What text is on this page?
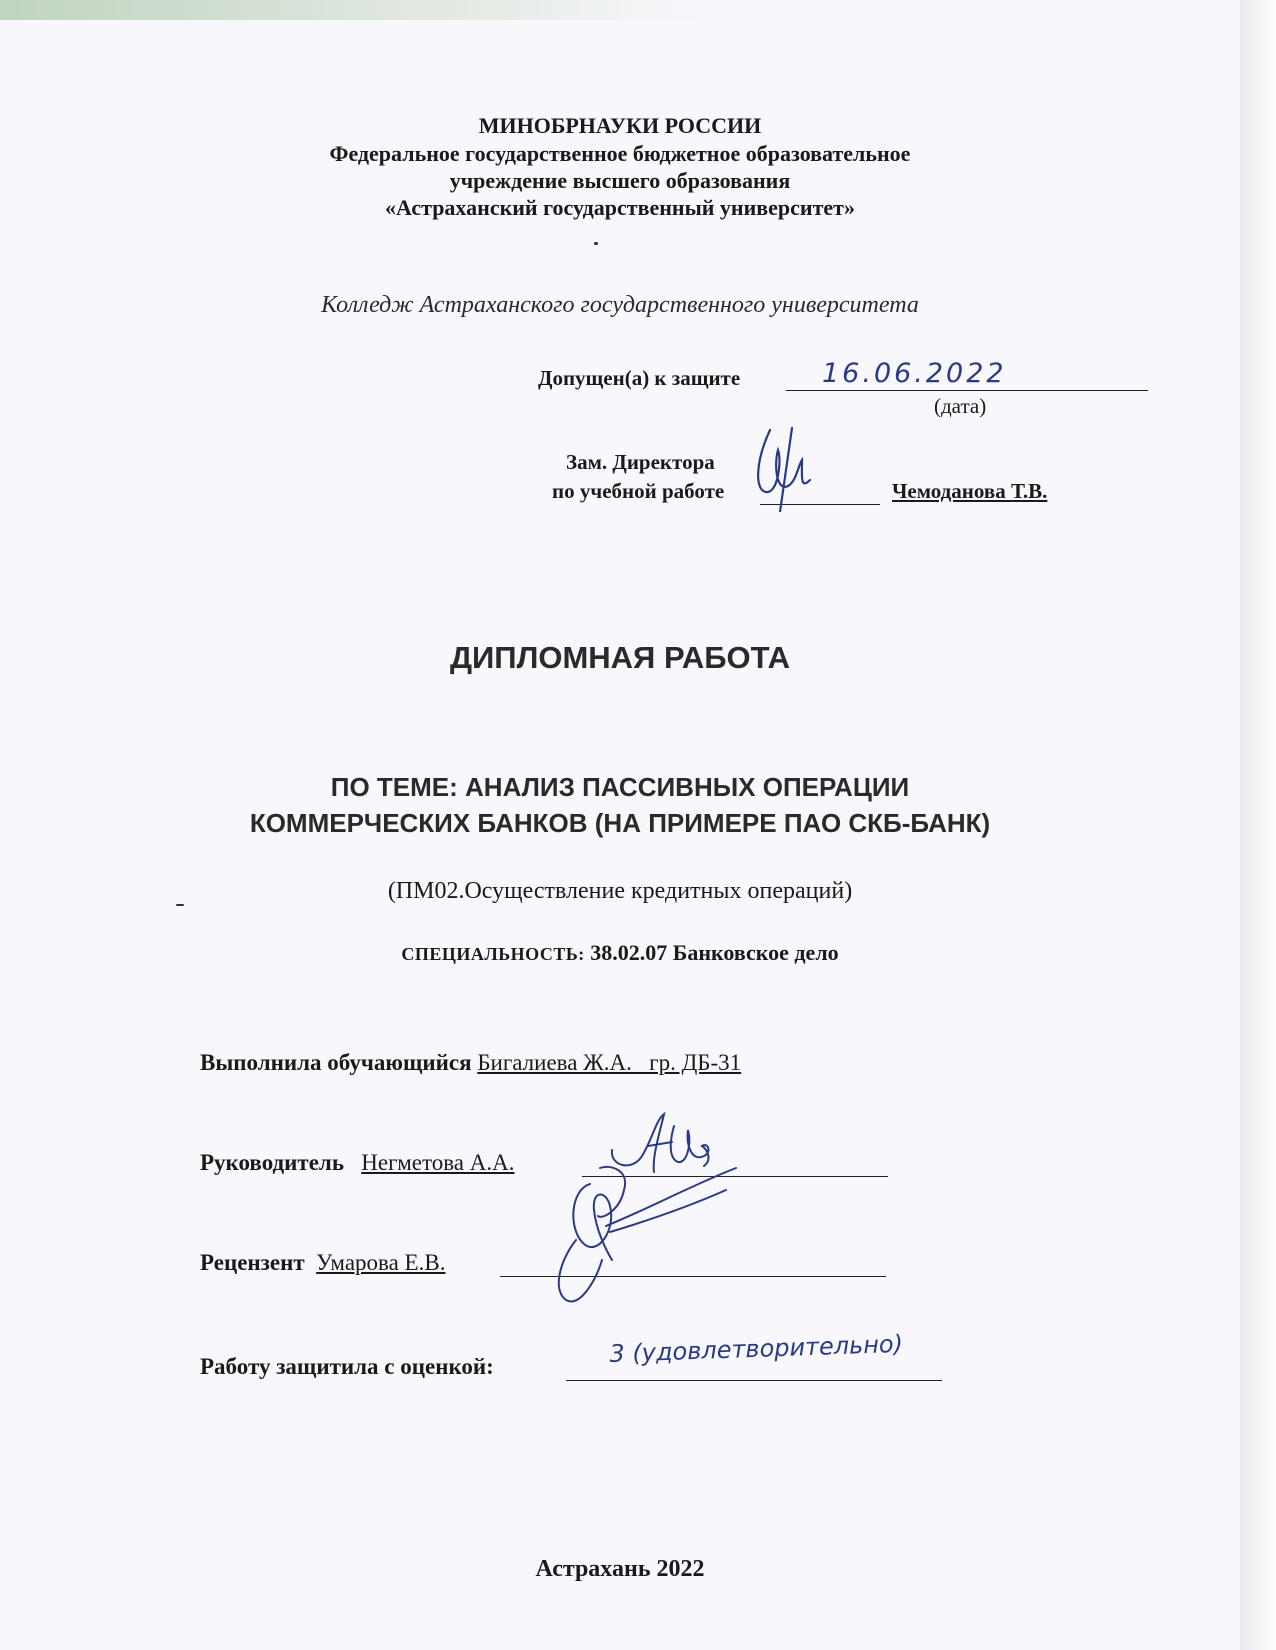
МИНОБРНАУКИ РОССИИ
Федеральное государственное бюджетное образовательное
учреждение высшего образования
«Астраханский государственный университет»
Колледж Астраханского государственного университета
Допущен(а) к защите	16.06.2022
(дата)
Зам. Директора
по учебной работе	Чемоданова Т.В.
ДИПЛОМНАЯ РАБОТА
ПО ТЕМЕ: АНАЛИЗ ПАССИВНЫХ ОПЕРАЦИИ
КОММЕРЧЕСКИХ БАНКОВ (НА ПРИМЕРЕ ПАО СКБ-БАНК)
(ПМ02.Осуществление кредитных операций)
СПЕЦИАЛЬНОСТЬ: 38.02.07 Банковское дело
Выполнила обучающийся Бигалиева Ж.А.   гр. ДБ-31
Руководитель Негметова А.А.
Рецензент Умарова Е.В.
Работу защитила с оценкой:	3 (удовлетворительно)
Астрахань 2022
